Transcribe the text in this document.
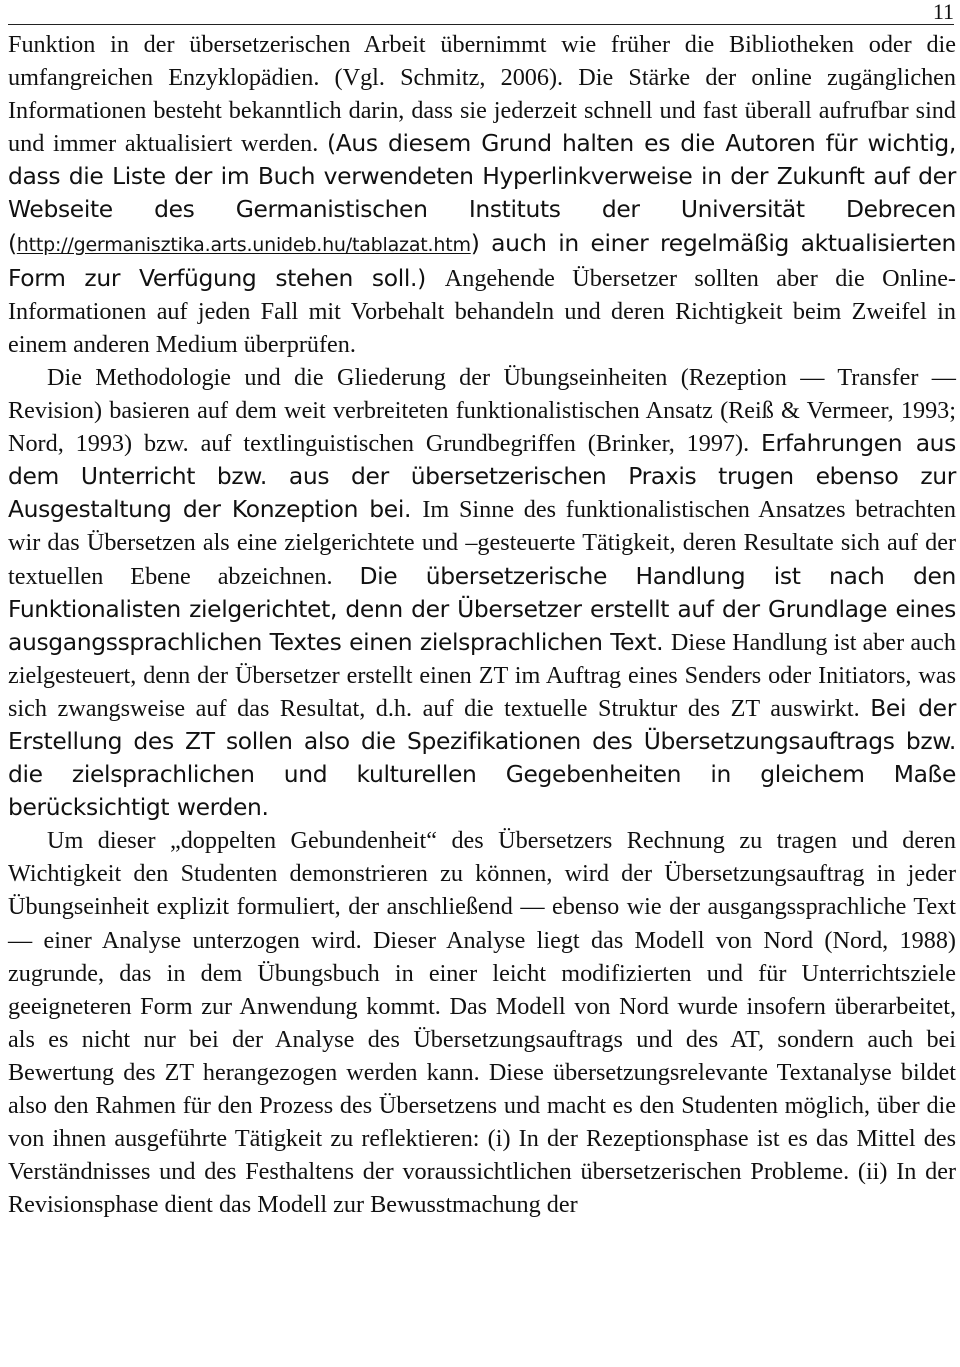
11

Funktion in der übersetzerischen Arbeit übernimmt wie früher die Bibliotheken oder die umfangreichen Enzyklopädien. (Vgl. Schmitz, 2006). Die Stärke der online zugänglichen Informationen besteht bekanntlich darin, dass sie jederzeit schnell und fast überall aufrufbar sind und immer aktualisiert werden. (Aus diesem Grund halten es die Autoren für wichtig, dass die Liste der im Buch verwendeten Hyperlinkverweise in der Zukunft auf der Webseite des Germanistischen Instituts der Universität Debrecen (http://germanisztika.arts.unideb.hu/tablazat.htm) auch in einer regelmäßig aktualisierten Form zur Verfügung stehen soll.) Angehende Übersetzer sollten aber die Online-Informationen auf jeden Fall mit Vorbehalt behandeln und deren Richtigkeit beim Zweifel in einem anderen Medium überprüfen.

Die Methodologie und die Gliederung der Übungseinheiten (Rezeption — Transfer — Revision) basieren auf dem weit verbreiteten funktionalistischen Ansatz (Reiß & Vermeer, 1993; Nord, 1993) bzw. auf textlinguistischen Grundbegriffen (Brinker, 1997). Erfahrungen aus dem Unterricht bzw. aus der übersetzerischen Praxis trugen ebenso zur Ausgestaltung der Konzeption bei. Im Sinne des funktionalistischen Ansatzes betrachten wir das Übersetzen als eine zielgerichtete und –gesteuerte Tätigkeit, deren Resultate sich auf der textuellen Ebene abzeichnen. Die übersetzerische Handlung ist nach den Funktionalisten zielgerichtet, denn der Übersetzer erstellt auf der Grundlage eines ausgangssprachlichen Textes einen zielsprachlichen Text. Diese Handlung ist aber auch zielgesteuert, denn der Übersetzer erstellt einen ZT im Auftrag eines Senders oder Initiators, was sich zwangsweise auf das Resultat, d.h. auf die textuelle Struktur des ZT auswirkt. Bei der Erstellung des ZT sollen also die Spezifikationen des Übersetzungsauftrags bzw. die zielsprachlichen und kulturellen Gegebenheiten in gleichem Maße berücksichtigt werden.

Um dieser „doppelten Gebundenheit“ des Übersetzers Rechnung zu tragen und deren Wichtigkeit den Studenten demonstrieren zu können, wird der Übersetzungsauftrag in jeder Übungseinheit explizit formuliert, der anschließend — ebenso wie der ausgangssprachliche Text — einer Analyse unterzogen wird. Dieser Analyse liegt das Modell von Nord (Nord, 1988) zugrunde, das in dem Übungsbuch in einer leicht modifizierten und für Unterrichtsziele geeigneteren Form zur Anwendung kommt. Das Modell von Nord wurde insofern überarbeitet, als es nicht nur bei der Analyse des Übersetzungsauftrags und des AT, sondern auch bei Bewertung des ZT herangezogen werden kann. Diese übersetzungsrelevante Textanalyse bildet also den Rahmen für den Prozess des Übersetzens und macht es den Studenten möglich, über die von ihnen ausgeführte Tätigkeit zu reflektieren: (i) In der Rezeptionsphase ist es das Mittel des Verständnisses und des Festhaltens der voraussichtlichen übersetzerischen Probleme. (ii) In der Revisionsphase dient das Modell zur Bewusstmachung der
